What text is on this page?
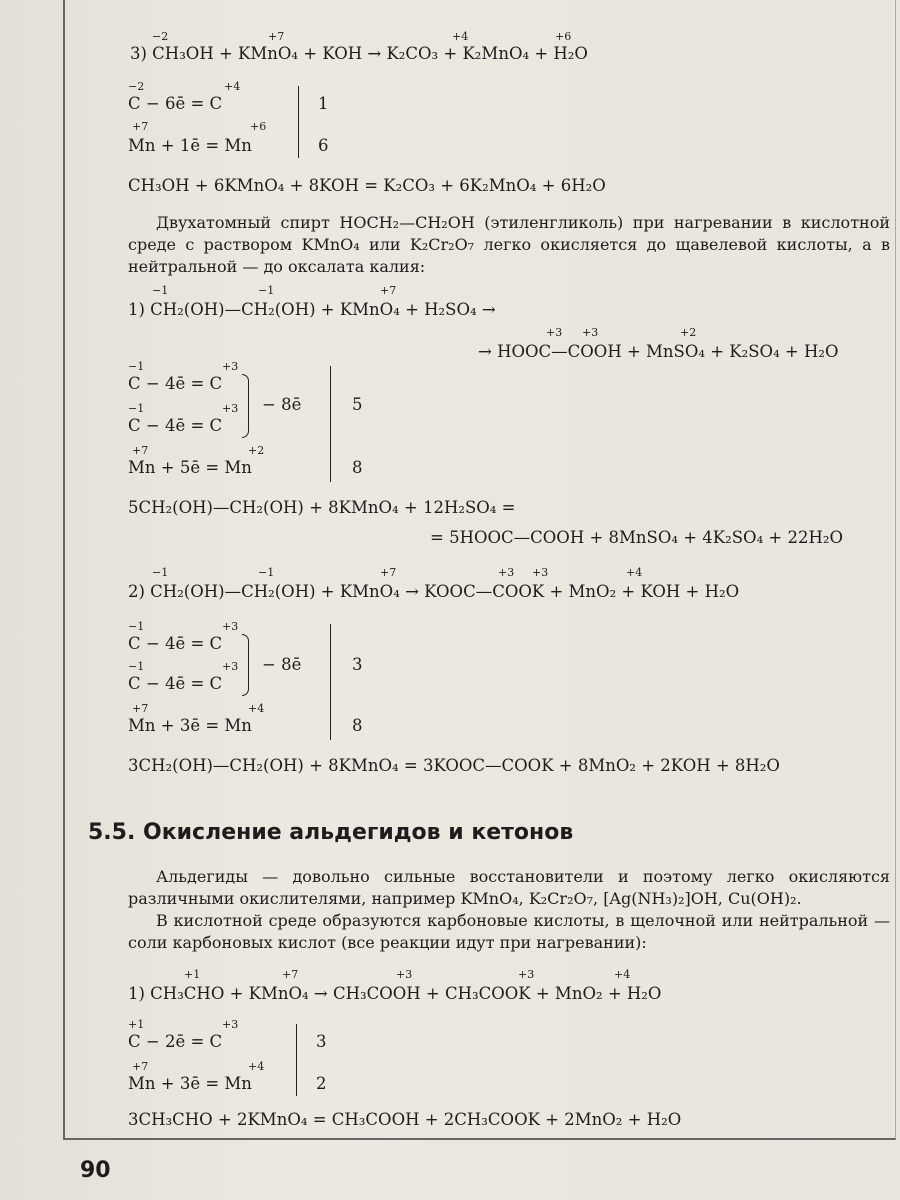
−2	+7	+4	+6
3) CH₃OH + KMnO₄ + KOH → K₂CO₃ + K₂MnO₄ + H₂O
−2	+4
C − 6ē = C	1
+7	+6
Mn + 1ē = Mn	6
CH₃OH + 6KMnO₄ + 8KOH = K₂CO₃ + 6K₂MnO₄ + 6H₂O
Двухатомный спирт HOCH₂—CH₂OH (этиленгликоль) при нагревании в кислотной среде с раствором KMnO₄ или K₂Cr₂O₇ легко окисляется до щавелевой кислоты, а в нейтральной — до оксалата калия:
−1	−1	+7
1) CH₂(OH)—CH₂(OH) + KMnO₄ + H₂SO₄ →
+3 +3	+2
→ HOOC—COOH + MnSO₄ + K₂SO₄ + H₂O
−1	+3
C − 4ē = C
−1	+3
C − 4ē = C
− 8ē	5
+7	+2
Mn + 5ē = Mn	8
5CH₂(OH)—CH₂(OH) + 8KMnO₄ + 12H₂SO₄ =
= 5HOOC—COOH + 8MnSO₄ + 4K₂SO₄ + 22H₂O
−1	−1	+7	+3 +3	+4
2) CH₂(OH)—CH₂(OH) + KMnO₄ → KOOC—COOK + MnO₂ + KOH + H₂O
−1	+3
C − 4ē = C
−1	+3
C − 4ē = C
− 8ē	3
+7	+4
Mn + 3ē = Mn	8
3CH₂(OH)—CH₂(OH) + 8KMnO₄ = 3KOOC—COOK + 8MnO₂ + 2KOH + 8H₂O
5.5. Окисление альдегидов и кетонов
Альдегиды — довольно сильные восстановители и поэтому легко окисляются различными окислителями, например KMnO₄, K₂Cr₂O₇, [Ag(NH₃)₂]OH, Cu(OH)₂.
В кислотной среде образуются карбоновые кислоты, в щелочной или нейтральной — соли карбоновых кислот (все реакции идут при нагревании):
+1	+7	+3	+3	+4
1) CH₃CHO + KMnO₄ → CH₃COOH + CH₃COOK + MnO₂ + H₂O
+1	+3
C − 2ē = C	3
+7	+4
Mn + 3ē = Mn	2
3CH₃CHO + 2KMnO₄ = CH₃COOH + 2CH₃COOK + 2MnO₂ + H₂O
90
